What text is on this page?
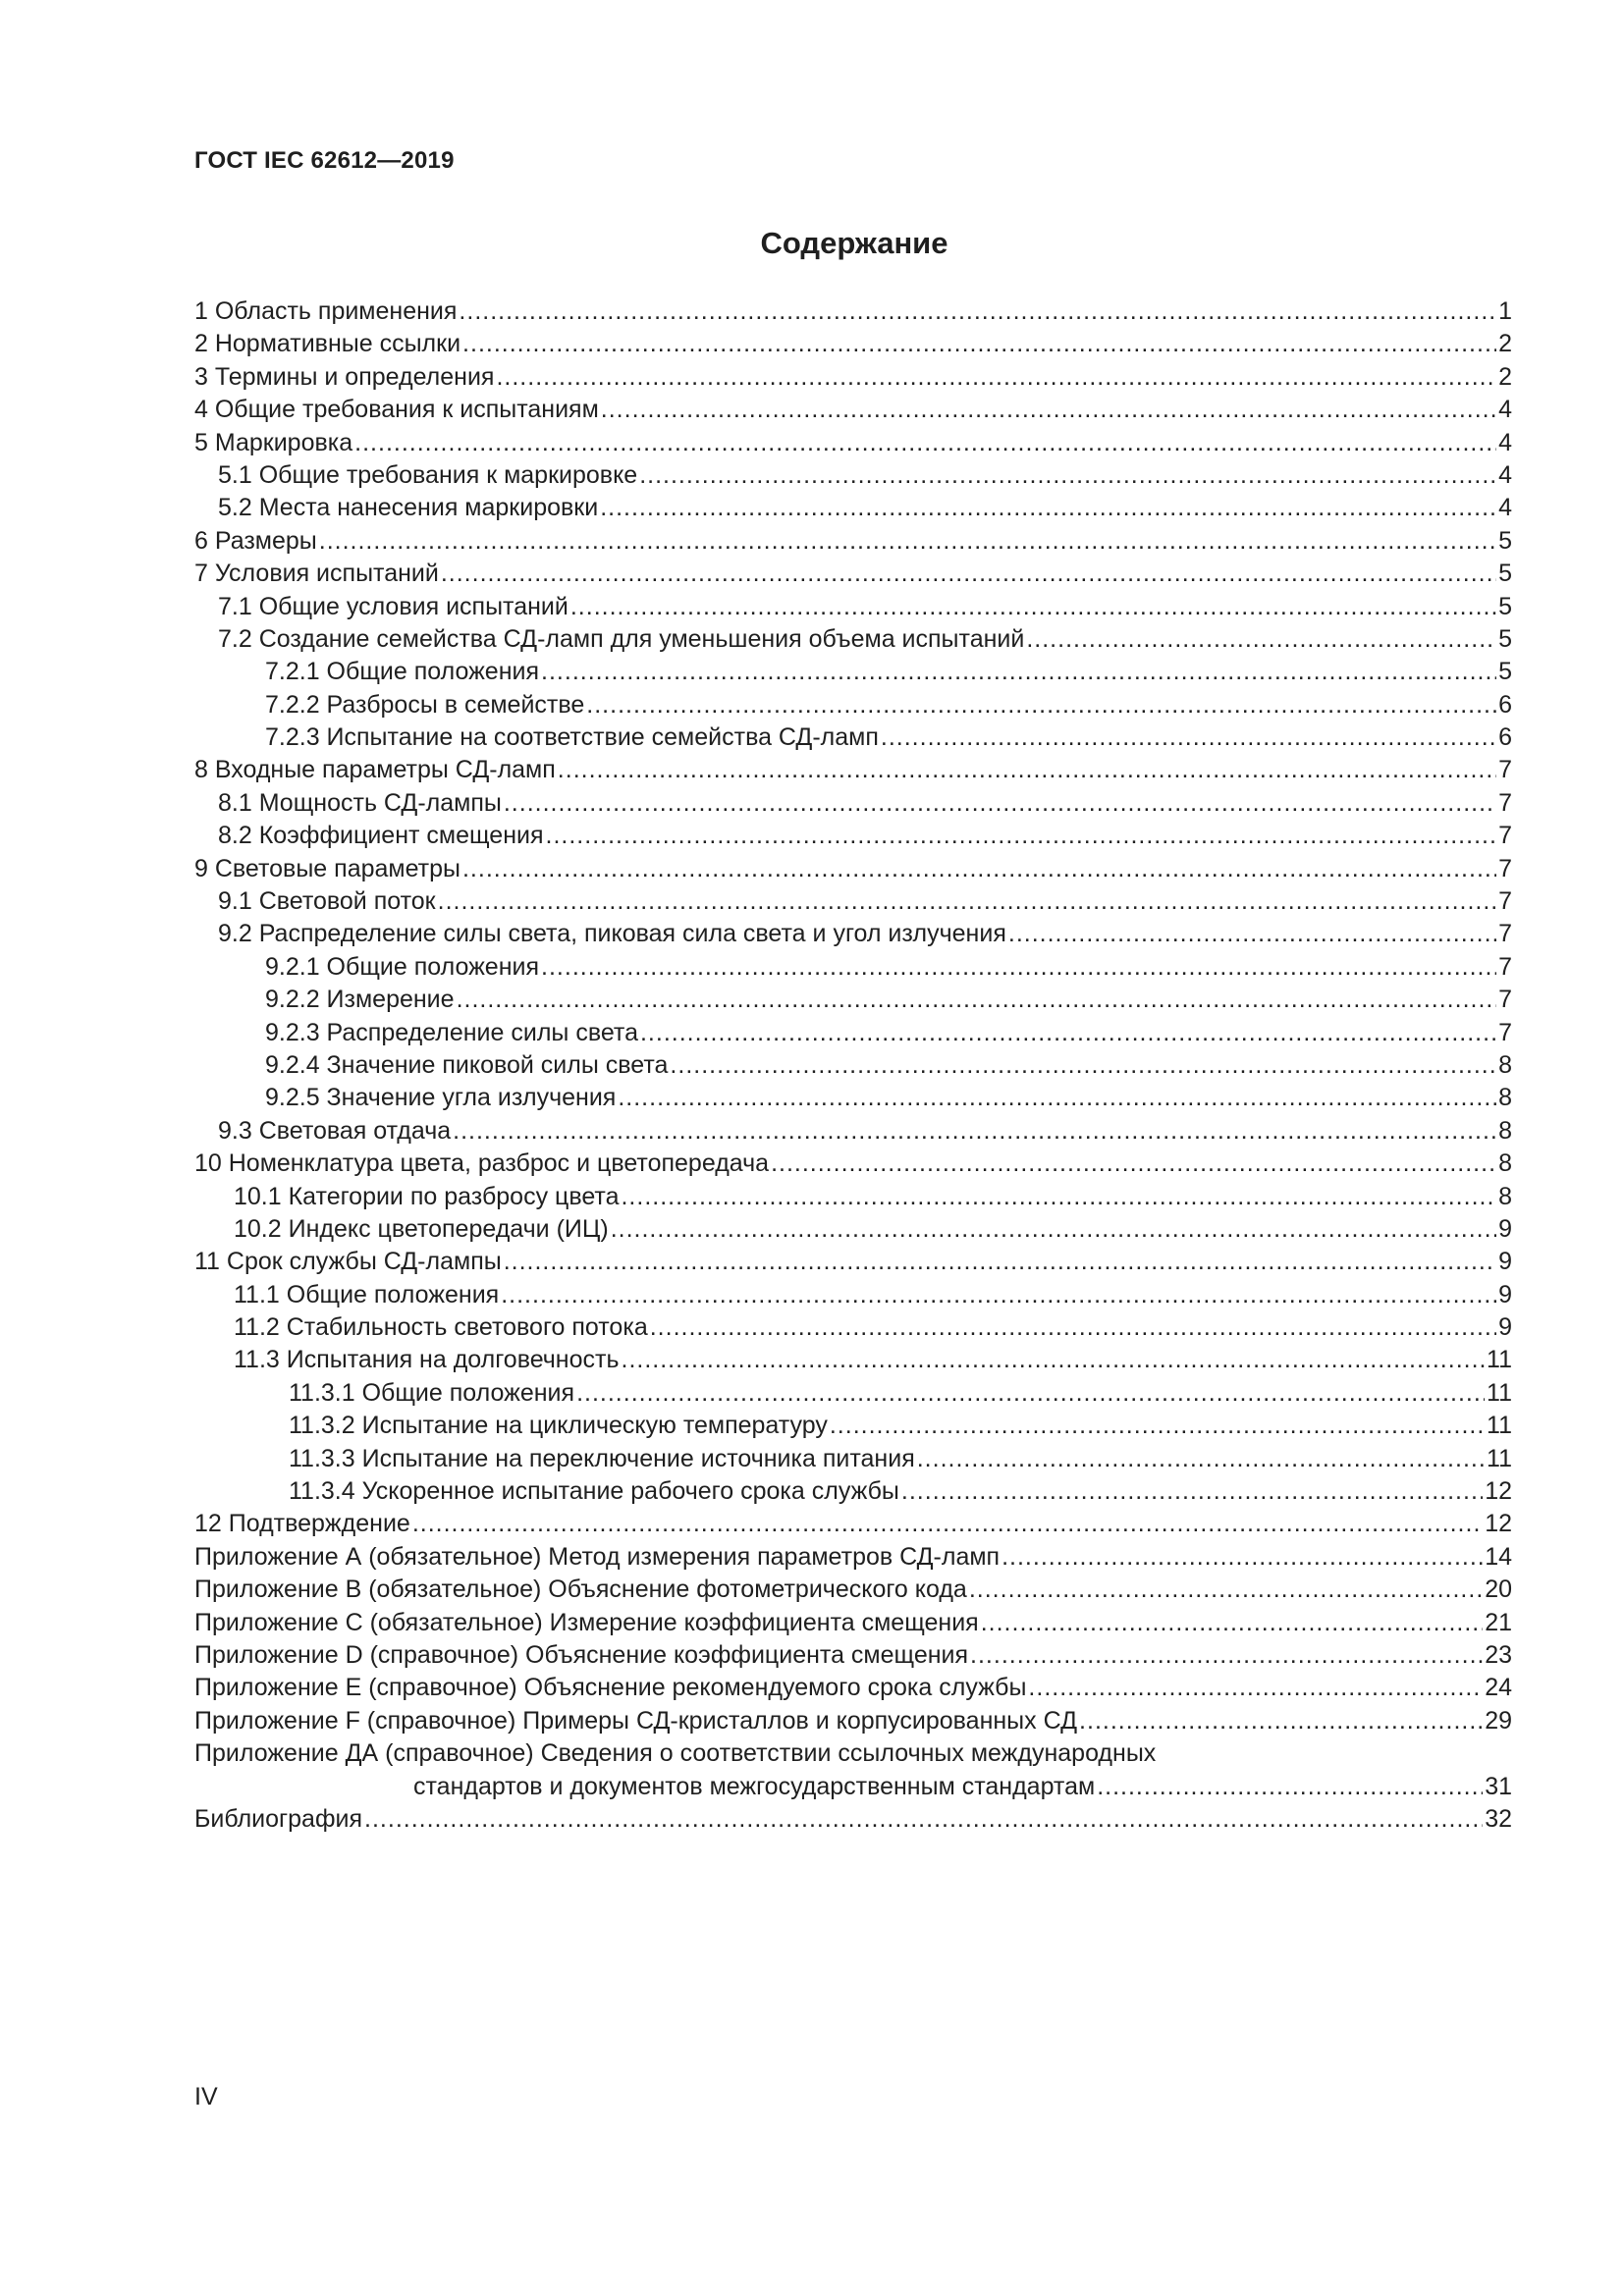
ГОСТ IEC 62612—2019
Содержание
1 Область применения .....	1
2 Нормативные ссылки .....	2
3 Термины и определения .....	2
4 Общие требования к испытаниям .....	4
5 Маркировка .....	4
5.1 Общие требования к маркировке .....	4
5.2 Места нанесения маркировки .....	4
6 Размеры .....	5
7 Условия испытаний .....	5
7.1 Общие условия испытаний .....	5
7.2 Создание семейства СД-ламп для уменьшения объема испытаний .....	5
7.2.1 Общие положения .....	5
7.2.2 Разбросы в семействе .....	6
7.2.3 Испытание на соответствие семейства СД-ламп .....	6
8 Входные параметры СД-ламп .....	7
8.1 Мощность СД-лампы .....	7
8.2 Коэффициент смещения .....	7
9 Световые параметры .....	7
9.1 Световой поток .....	7
9.2 Распределение силы света, пиковая сила света и угол излучения .....	7
9.2.1 Общие положения .....	7
9.2.2 Измерение .....	7
9.2.3 Распределение силы света .....	7
9.2.4 Значение пиковой силы света .....	8
9.2.5 Значение угла излучения .....	8
9.3 Световая отдача .....	8
10 Номенклатура цвета, разброс и цветопередача .....	8
10.1 Категории по разбросу цвета .....	8
10.2 Индекс цветопередачи (ИЦ) .....	9
11 Срок службы СД-лампы .....	9
11.1 Общие положения .....	9
11.2 Стабильность светового потока .....	9
11.3 Испытания на долговечность .....	11
11.3.1 Общие положения .....	11
11.3.2 Испытание на циклическую температуру .....	11
11.3.3 Испытание на переключение источника питания .....	11
11.3.4 Ускоренное испытание рабочего срока службы .....	12
12 Подтверждение .....	12
Приложение А (обязательное) Метод измерения параметров СД-ламп .....	14
Приложение В (обязательное) Объяснение фотометрического кода .....	20
Приложение С (обязательное) Измерение коэффициента смещения .....	21
Приложение D (справочное) Объяснение коэффициента смещения .....	23
Приложение Е (справочное) Объяснение рекомендуемого срока службы .....	24
Приложение F (справочное) Примеры СД-кристаллов и корпусированных СД .....	29
Приложение ДА (справочное) Сведения о соответствии ссылочных международных
стандартов и документов межгосударственным стандартам .....	31
Библиография .....	32
IV
